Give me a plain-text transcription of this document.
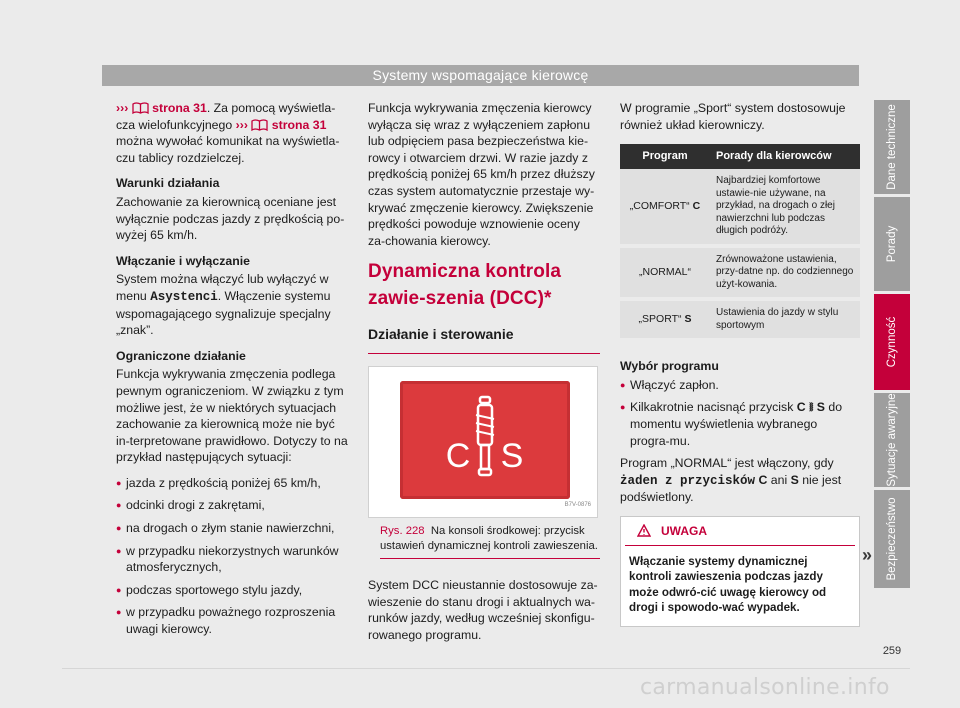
Systemy wspomagające kierowcę

››› strona 31. Za pomocą wyświetla-cza wielofunkcyjnego ››› strona 31 można wywołać komunikat na wyświetla-czu tablicy rozdzielczej.

Warunki działania

Zachowanie za kierownicą oceniane jest wyłącznie podczas jazdy z prędkością po-wyżej 65 km/h.

Włączanie i wyłączanie

System można włączyć lub wyłączyć w menu Asystenci. Włączenie systemu wspomagającego sygnalizuje specjalny „znak”.

Ograniczone działanie

Funkcja wykrywania zmęczenia podlega pewnym ograniczeniom. W związku z tym możliwe jest, że w niektórych sytuacjach zachowanie za kierownicą może nie być in-terpretowane prawidłowo. Dotyczy to na przykład następujących sytuacji:

● jazda z prędkością poniżej 65 km/h,
● odcinki drogi z zakrętami,
● na drogach o złym stanie nawierzchni,
● w przypadku niekorzystnych warunków atmosferycznych,
● podczas sportowego stylu jazdy,
● w przypadku poważnego rozproszenia uwagi kierowcy.

Funkcja wykrywania zmęczenia kierowcy wyłącza się wraz z wyłączeniem zapłonu lub odpięciem pasa bezpieczeństwa kie-rowcy i otwarciem drzwi. W razie jazdy z prędkością poniżej 65 km/h przez dłuższy czas system automatycznie przestaje wy-krywać zmęczenie kierowcy. Zwiększenie prędkości powoduje wznowienie oceny za-chowania kierowcy.

Dynamiczna kontrola zawie-szenia (DCC)*
Działanie i sterowanie
C S
B7V-0876
Rys. 228 Na konsoli środkowej: przycisk ustawień dynamicznej kontroli zawieszenia.

System DCC nieustannie dostosowuje za-wieszenie do stanu drogi i aktualnych wa-runków jazdy, według wcześniej skonfigu-rowanego programu.

W programie „Sport“ system dostosowuje również układ kierowniczy.

Program	Porady dla kierowców
„COMFORT“ C	Najbardziej komfortowe ustawie-nie używane, na przykład, na drogach o złej nawierzchni lub podczas długich podróży.
„NORMAL“	Zrównoważone ustawienia, przy-datne np. do codziennego użyt-kowania.
„SPORT“ S	Ustawienia do jazdy w stylu sportowym
Wybór programu
● Włączyć zapłon.
● Kilkakrotnie nacisnąć przycisk C ⧚ S do momentu wyświetlenia wybranego progra-mu.

Program „NORMAL“ jest włączony, gdy żaden z przycisków C ani S nie jest podświetlony.

UWAGA
Włączanie systemy dynamicznej kontroli zawieszenia podczas jazdy może odwró-cić uwagę kierowcy od drogi i spowodo-wać wypadek.
»
Dane techniczne
Porady
Czynność
Sytuacje awaryjne
Bezpieczeństwo
259
carmanualsonline.info
